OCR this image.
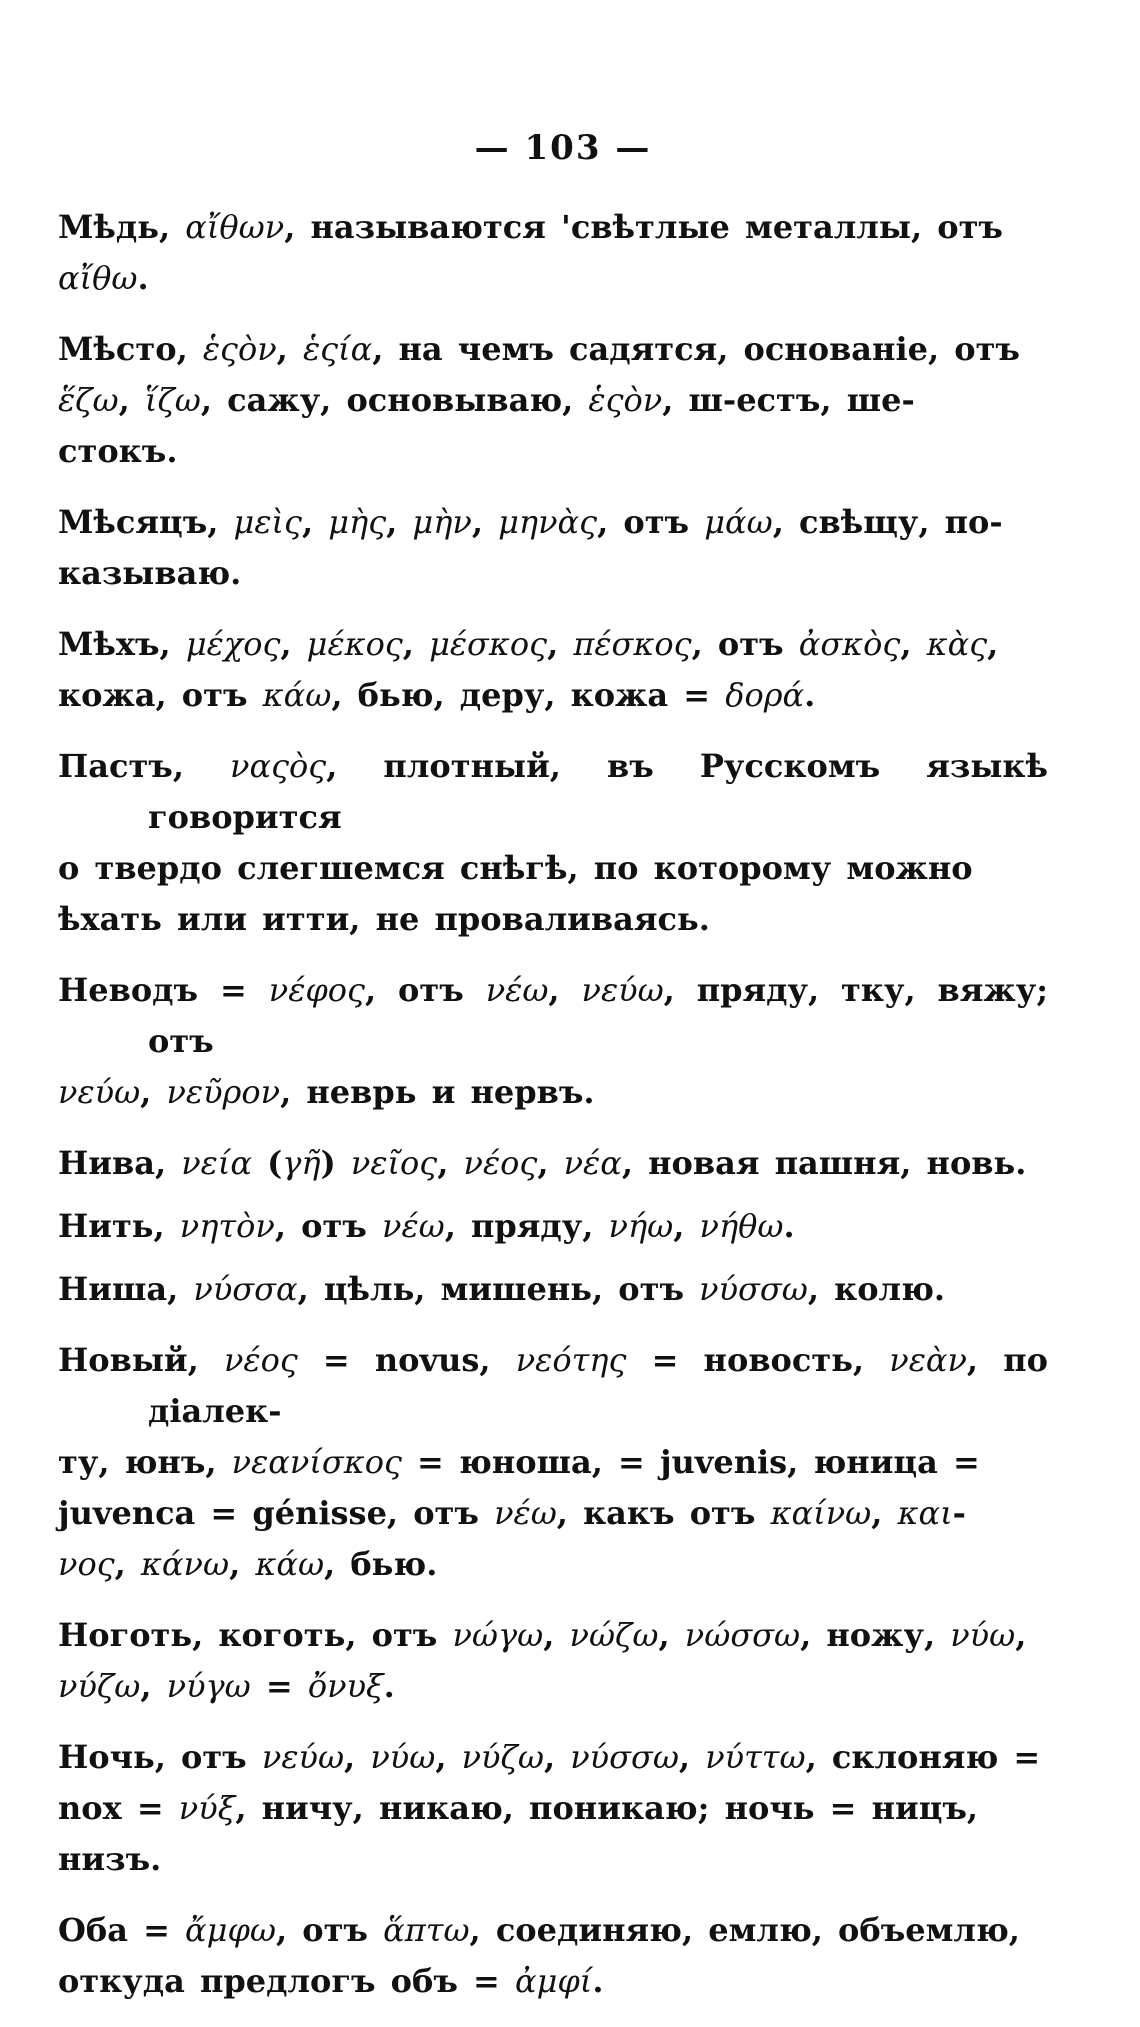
— 103 —

Мѣдь, αἴθων, называются 'свѣтлые металлы, отъ
αἴθω.

Мѣсто, ἑςὸν, ἑςία, на чемъ садятся, основаніе, отъ
ἕζω, ἵζω, сажу, основываю, ἑςὸν, ш-естъ, ше-
стокъ.

Мѣсяцъ, μεὶς, μὴς, μὴν, μηνὰς, отъ μάω, свѣщу, по-
казываю.

Мѣхъ, μέχος, μέκος, μέσκος, πέσκος, отъ ἀσκὸς, κὰς,
кожа, отъ κάω, бью, деру, кожа = δορά.

Пастъ, ναςὸς, плотный, въ Русскомъ языкѣ говорится
о твердо слегшемся снѣгѣ, по которому можно
ѣхать или итти, не проваливаясь.

Неводъ = νέφος, отъ νέω, νεύω, пряду, тку, вяжу; отъ
νεύω, νεῦρον, неврь и нервъ.

Нива, νεία (γῆ) νεῖος, νέος, νέα, новая пашня, новь.

Нить, νητὸν, отъ νέω, пряду, νήω, νήθω.

Ниша, νύσσα, цѣль, мишень, отъ νύσσω, колю.

Новый, νέος = novus, νεότης = новость, νεὰν, по діалек-
ту, юнъ, νεανίσκος = юноша, = juvenis, юница =
juvenca = génisse, отъ νέω, какъ отъ καίνω, και-
νος, κάνω, κάω, бью.

Ноготь, коготь, отъ νώγω, νώζω, νώσσω, ножу, νύω,
νύζω, νύγω = ὄνυξ.

Ночь, отъ νεύω, νύω, νύζω, νύσσω, νύττω, склоняю =
nox = νύξ, ничу, никаю, поникаю; ночь = ницъ,
низъ.

Оба = ἄμφω, отъ ἅπτω, соединяю, емлю, объемлю,
откуда предлогъ объ = ἀμφί.
